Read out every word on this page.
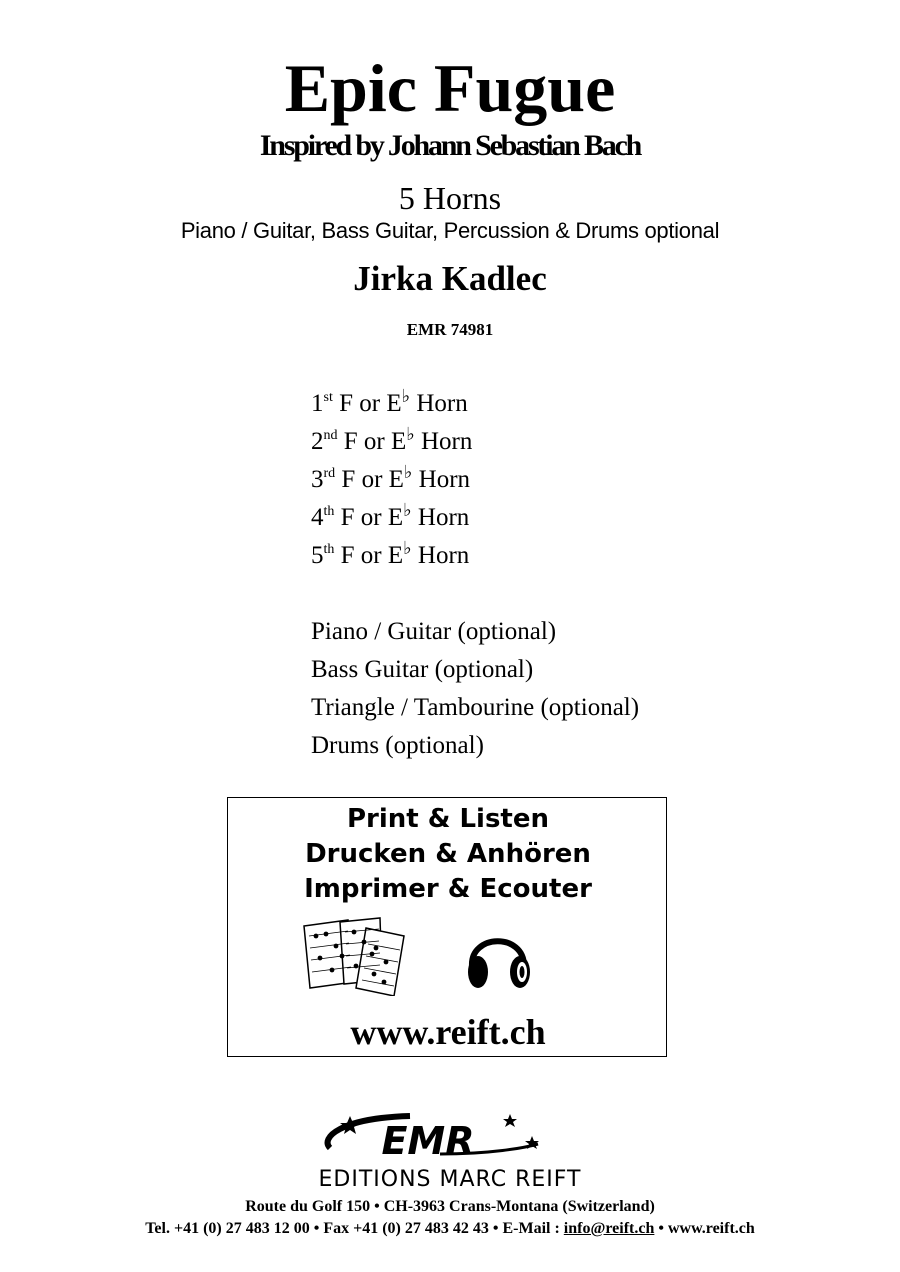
Epic Fugue
Inspired by Johann Sebastian Bach
5 Horns
Piano / Guitar, Bass Guitar, Percussion & Drums optional
Jirka Kadlec
EMR 74981
1st F or E♭ Horn
2nd F or E♭ Horn
3rd F or E♭ Horn
4th F or E♭ Horn
5th F or E♭ Horn
Piano / Guitar (optional)
Bass Guitar (optional)
Triangle / Tambourine (optional)
Drums (optional)
Print & Listen
Drucken & Anhören
Imprimer & Ecouter
www.reift.ch
EMR
EDITIONS MARC REIFT
Route du Golf 150 • CH-3963 Crans-Montana (Switzerland)
Tel. +41 (0) 27 483 12 00 • Fax +41 (0) 27 483 42 43 • E-Mail : info@reift.ch • www.reift.ch
